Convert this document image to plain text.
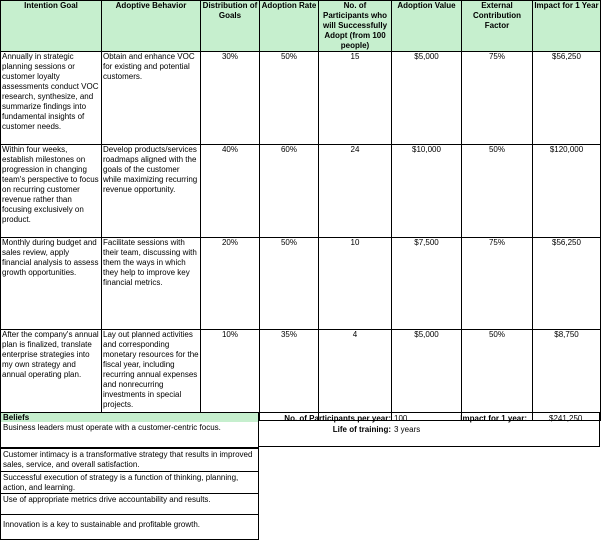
Intention Goal	Adoptive Behavior	Distribution of Goals	Adoption Rate	No. of Participants who will Successfully Adopt (from 100 people)	Adoption Value	External Contribution Factor	Impact for 1 Year
Annually in strategic planning sessions or customer loyalty assessments conduct VOC research, synthesize, and summarize findings into fundamental insights of customer needs.	Obtain and enhance VOC for existing and potential customers.	30%	50%	15	$5,000	75%	$56,250
Within four weeks, establish milestones on progression in changing team's perspective to focus on recurring customer revenue rather than focusing exclusively on product.	Develop products/services roadmaps aligned with the goals of the customer while maximizing recurring revenue opportunity.	40%	60%	24	$10,000	50%	$120,000
Monthly during budget and sales review, apply financial analysis to assess growth opportunities.	Facilitate sessions with their team, discussing with them the ways in which they help to improve key financial metrics.	20%	50%	10	$7,500	75%	$56,250
After the company's annual plan is finalized, translate enterprise strategies into my own strategy and annual operating plan.	Lay out planned activities and corresponding monetary resources for the fiscal year, including recurring annual expenses and nonrecurring investments in special projects.	10%	35%	4	$5,000	50%	$8,750
Beliefs
Business leaders must operate with a customer-centric focus.
Customer intimacy is a transformative strategy that results in improved sales, service, and overall satisfaction.
Successful execution of strategy is a function of thinking, planning, action, and learning.
Use of appropriate metrics drive accountability and results.
Innovation is a key to sustainable and profitable growth.
No. of Participants per year: 100
Life of training: 3 years
Impact for 1 year:	$241,250
